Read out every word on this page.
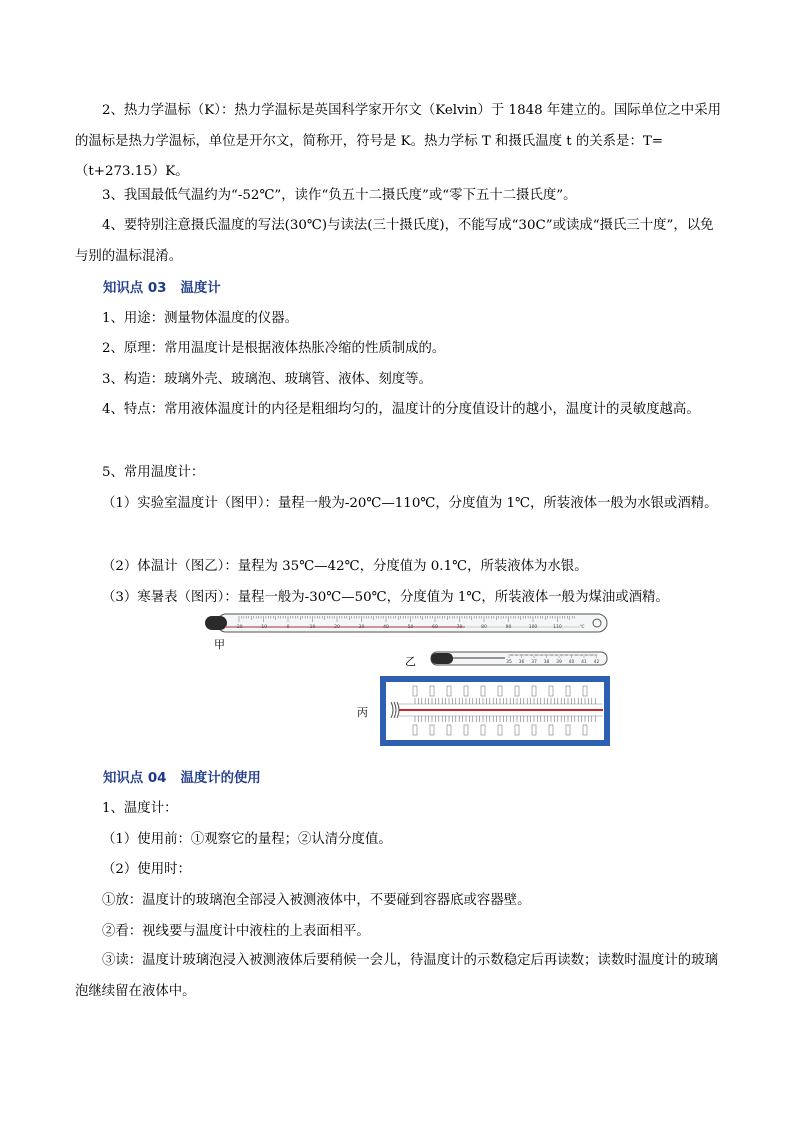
2、热力学温标（K）：热力学温标是英国科学家开尔文（Kelvin）于 1848 年建立的。国际单位之中采用的温标是热力学温标，单位是开尔文，简称开，符号是 K。热力学标 T 和摄氏温度 t 的关系是：T=（t+273.15）K。

3、我国最低气温约为“-52℃”，读作“负五十二摄氏度”或“零下五十二摄氏度”。

4、要特别注意摄氏温度的写法(30℃)与读法(三十摄氏度)，不能写成“30C”或读成“摄氏三十度”，以免与别的温标混淆。

知识点 03 温度计
1、用途：测量物体温度的仪器。
2、原理：常用温度计是根据液体热胀冷缩的性质制成的。
3、构造：玻璃外壳、玻璃泡、玻璃管、液体、刻度等。
4、特点：常用液体温度计的内径是粗细均匀的，温度计的分度值设计的越小，温度计的灵敏度越高。
5、常用温度计：
（1）实验室温度计（图甲）：量程一般为-20℃—110℃，分度值为 1℃，所装液体一般为水银或酒精。
（2）体温计（图乙）：量程为 35℃—42℃，分度值为 0.1℃，所装液体为水银。
（3）寒暑表（图丙）：量程一般为-30℃—50℃，分度值为 1℃，所装液体一般为煤油或酒精。
-20	-10	0	10	20	30	40	50	60	70	80	90	100	110	℃
甲
35 36 37 38 39 40 41 42
乙
丙
知识点 04 温度计的使用
1、温度计：
（1）使用前：①观察它的量程；②认清分度值。
（2）使用时：
①放：温度计的玻璃泡全部浸入被测液体中，不要碰到容器底或容器壁。
②看：视线要与温度计中液柱的上表面相平。

③读：温度计玻璃泡浸入被测液体后要稍候一会儿，待温度计的示数稳定后再读数；读数时温度计的玻璃泡继续留在液体中。
